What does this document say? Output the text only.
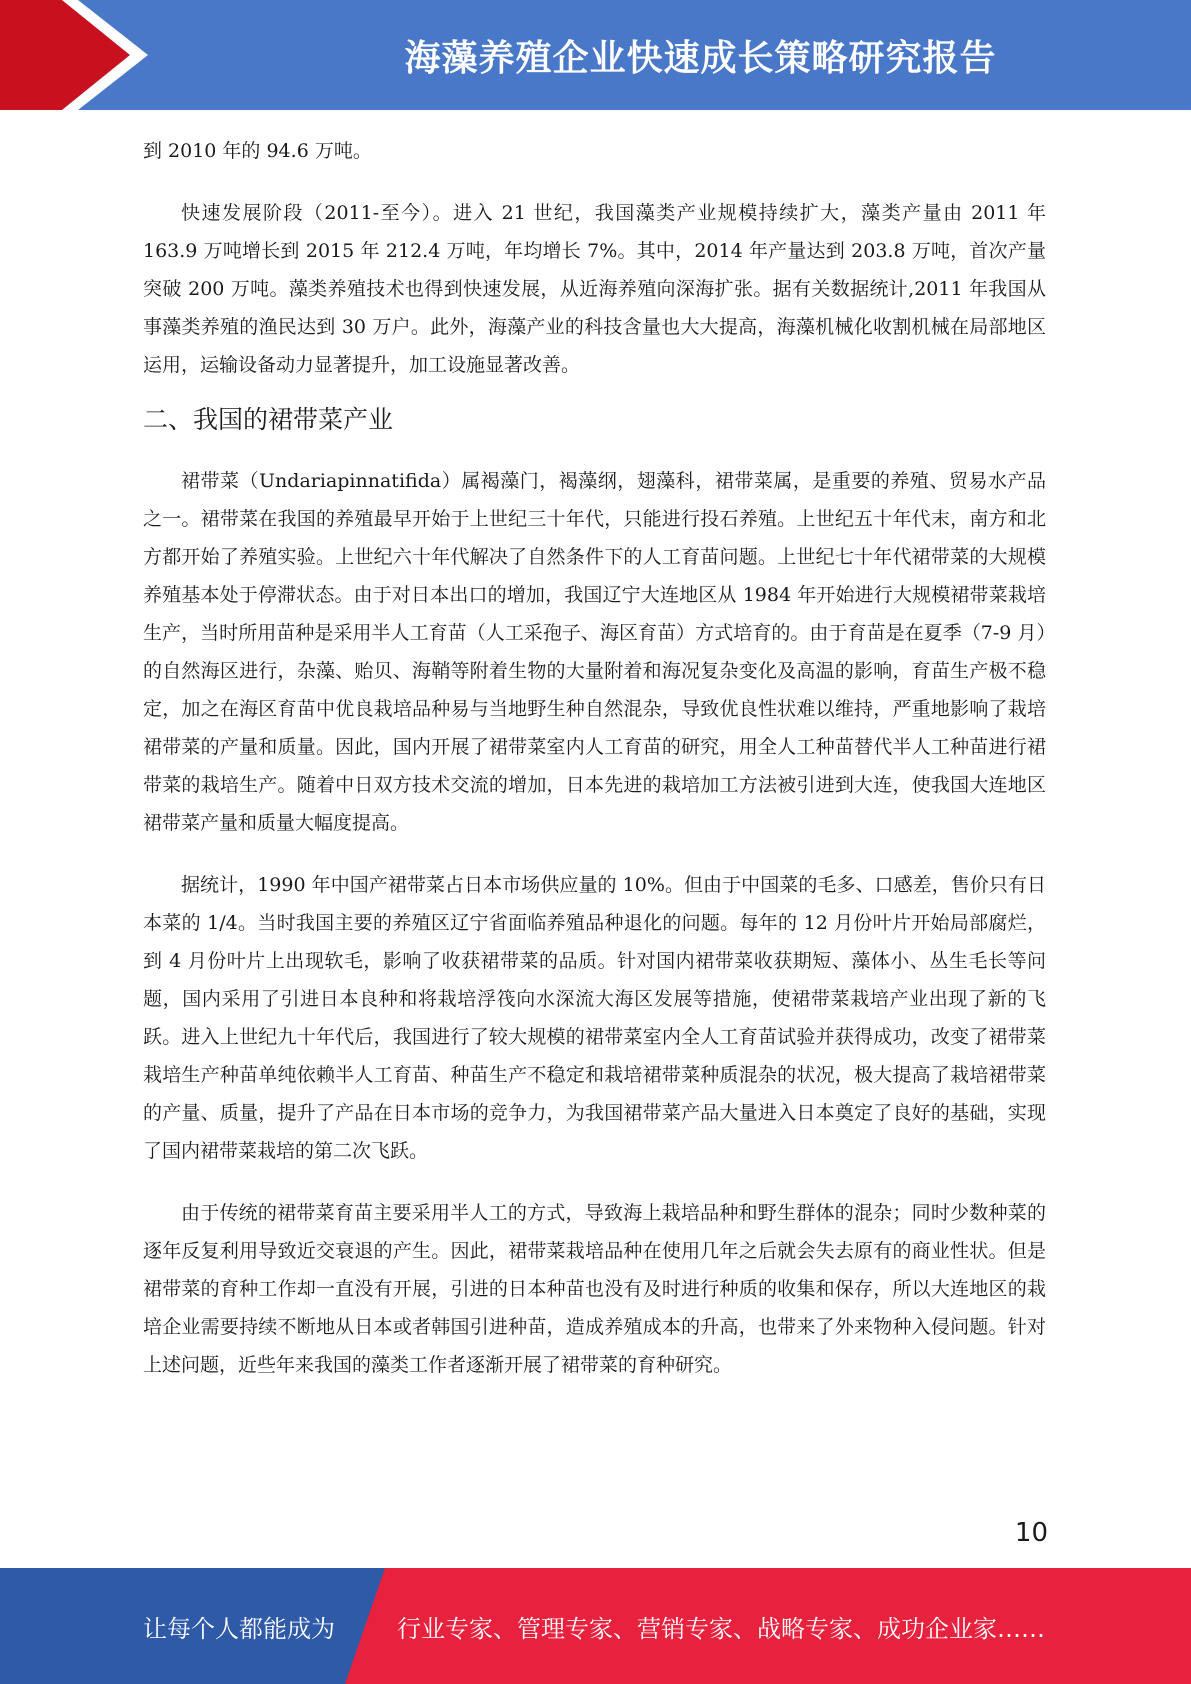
海藻养殖企业快速成长策略研究报告

到 2010 年的 94.6 万吨。

快速发展阶段（2011-至今）。进入 21 世纪，我国藻类产业规模持续扩大，藻类产量由 2011 年 163.9 万吨增长到 2015 年 212.4 万吨，年均增长 7%。其中，2014 年产量达到 203.8 万吨，首次产量突破 200 万吨。藻类养殖技术也得到快速发展，从近海养殖向深海扩张。据有关数据统计,2011 年我国从事藻类养殖的渔民达到 30 万户。此外，海藻产业的科技含量也大大提高，海藻机械化收割机械在局部地区运用，运输设备动力显著提升，加工设施显著改善。

二、我国的裙带菜产业

裙带菜（Undariapinnatifida）属褐藻门，褐藻纲，翅藻科，裙带菜属，是重要的养殖、贸易水产品之一。裙带菜在我国的养殖最早开始于上世纪三十年代，只能进行投石养殖。上世纪五十年代末，南方和北方都开始了养殖实验。上世纪六十年代解决了自然条件下的人工育苗问题。上世纪七十年代裙带菜的大规模养殖基本处于停滞状态。由于对日本出口的增加，我国辽宁大连地区从 1984 年开始进行大规模裙带菜栽培生产，当时所用苗种是采用半人工育苗（人工采孢子、海区育苗）方式培育的。由于育苗是在夏季（7-9 月）的自然海区进行，杂藻、贻贝、海鞘等附着生物的大量附着和海况复杂变化及高温的影响，育苗生产极不稳定，加之在海区育苗中优良栽培品种易与当地野生种自然混杂，导致优良性状难以维持，严重地影响了栽培裙带菜的产量和质量。因此，国内开展了裙带菜室内人工育苗的研究，用全人工种苗替代半人工种苗进行裙带菜的栽培生产。随着中日双方技术交流的增加，日本先进的栽培加工方法被引进到大连，使我国大连地区裙带菜产量和质量大幅度提高。

据统计，1990 年中国产裙带菜占日本市场供应量的 10%。但由于中国菜的毛多、口感差，售价只有日本菜的 1/4。当时我国主要的养殖区辽宁省面临养殖品种退化的问题。每年的 12 月份叶片开始局部腐烂，到 4 月份叶片上出现软毛，影响了收获裙带菜的品质。针对国内裙带菜收获期短、藻体小、丛生毛长等问题，国内采用了引进日本良种和将栽培浮筏向水深流大海区发展等措施，使裙带菜栽培产业出现了新的飞跃。进入上世纪九十年代后，我国进行了较大规模的裙带菜室内全人工育苗试验并获得成功，改变了裙带菜栽培生产种苗单纯依赖半人工育苗、种苗生产不稳定和栽培裙带菜种质混杂的状况，极大提高了栽培裙带菜的产量、质量，提升了产品在日本市场的竞争力，为我国裙带菜产品大量进入日本奠定了良好的基础，实现了国内裙带菜栽培的第二次飞跃。

由于传统的裙带菜育苗主要采用半人工的方式，导致海上栽培品种和野生群体的混杂；同时少数种菜的逐年反复利用导致近交衰退的产生。因此，裙带菜栽培品种在使用几年之后就会失去原有的商业性状。但是裙带菜的育种工作却一直没有开展，引进的日本种苗也没有及时进行种质的收集和保存，所以大连地区的栽培企业需要持续不断地从日本或者韩国引进种苗，造成养殖成本的升高，也带来了外来物种入侵问题。针对上述问题，近些年来我国的藻类工作者逐渐开展了裙带菜的育种研究。

10
让每个人都能成为	行业专家、管理专家、营销专家、战略专家、成功企业家……
